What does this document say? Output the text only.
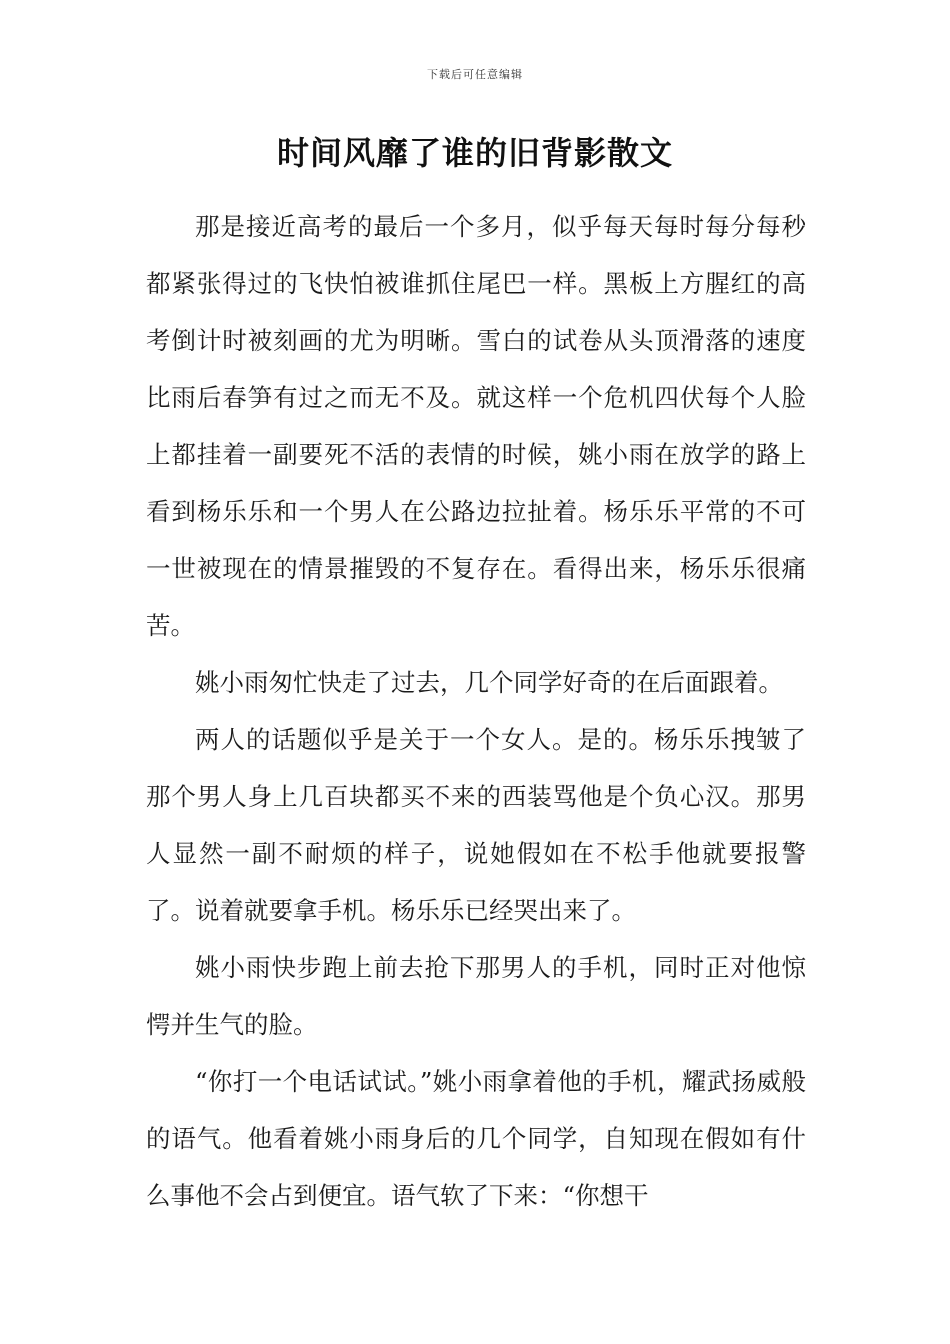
下载后可任意编辑
时间风靡了谁的旧背影散文

那是接近高考的最后一个多月，似乎每天每时每分每秒都紧张得过的飞快怕被谁抓住尾巴一样。黑板上方腥红的高考倒计时被刻画的尤为明晰。雪白的试卷从头顶滑落的速度比雨后春笋有过之而无不及。就这样一个危机四伏每个人脸上都挂着一副要死不活的表情的时候，姚小雨在放学的路上看到杨乐乐和一个男人在公路边拉扯着。杨乐乐平常的不可一世被现在的情景摧毁的不复存在。看得出来，杨乐乐很痛苦。

姚小雨匆忙快走了过去，几个同学好奇的在后面跟着。

两人的话题似乎是关于一个女人。是的。杨乐乐拽皱了那个男人身上几百块都买不来的西装骂他是个负心汉。那男人显然一副不耐烦的样子，说她假如在不松手他就要报警了。说着就要拿手机。杨乐乐已经哭出来了。

姚小雨快步跑上前去抢下那男人的手机，同时正对他惊愕并生气的脸。

“你打一个电话试试。”姚小雨拿着他的手机，耀武扬威般的语气。他看着姚小雨身后的几个同学，自知现在假如有什么事他不会占到便宜。语气软了下来：“你想干
